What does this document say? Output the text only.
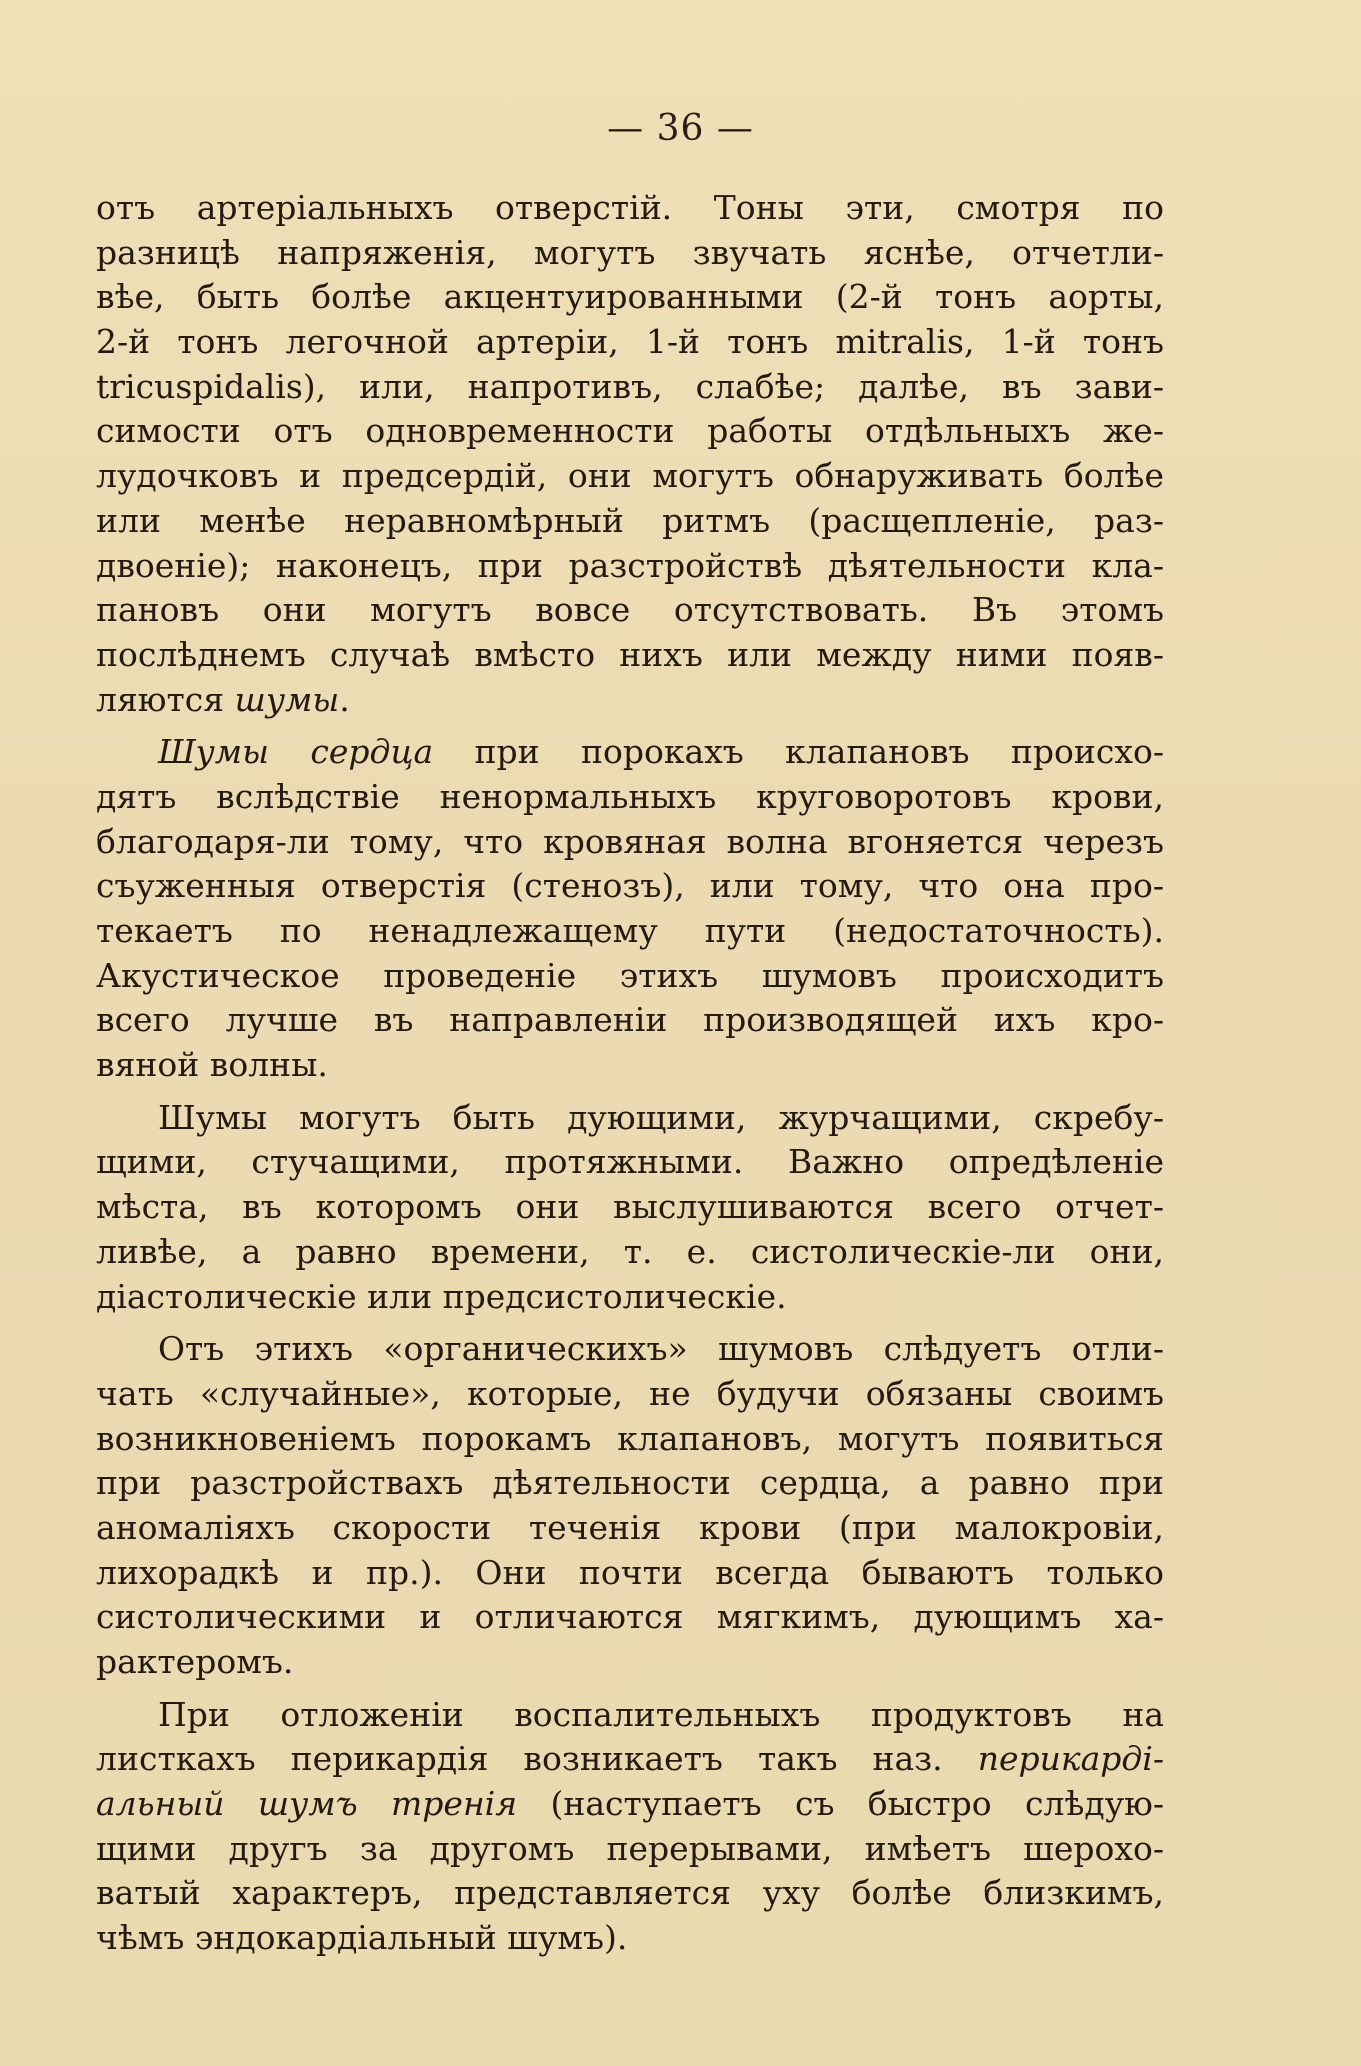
— 36 —
отъ артеріальныхъ отверстій. Тоны эти, смотря по
разницѣ напряженія, могутъ звучать яснѣе, отчетли-
вѣе, быть болѣе акцентуированными (2-й тонъ аорты,
2-й тонъ легочной артеріи, 1-й тонъ mitralis, 1-й тонъ
tricuspidalis), или, напротивъ, слабѣе; далѣе, въ зави-
симости отъ одновременности работы отдѣльныхъ же-
лудочковъ и предсердій, они могутъ обнаруживать болѣе
или менѣе неравномѣрный ритмъ (расщепленіе, раз-
двоеніе); наконецъ, при разстройствѣ дѣятельности кла-
пановъ они могутъ вовсе отсутствовать. Въ этомъ
послѣднемъ случаѣ вмѣсто нихъ или между ними появ-
ляются шумы.
Шумы сердца при порокахъ клапановъ происхо-
дятъ вслѣдствіе ненормальныхъ круговоротовъ крови,
благодаря-ли тому, что кровяная волна вгоняется черезъ
съуженныя отверстія (стенозъ), или тому, что она про-
текаетъ по ненадлежащему пути (недостаточность).
Акустическое проведеніе этихъ шумовъ происходитъ
всего лучше въ направленіи производящей ихъ кро-
вяной волны.
Шумы могутъ быть дующими, журчащими, скребу-
щими, стучащими, протяжными. Важно опредѣленіе
мѣста, въ которомъ они выслушиваются всего отчет-
ливѣе, а равно времени, т. е. систолическіе-ли они,
діастолическіе или предсистолическіе.
Отъ этихъ «органическихъ» шумовъ слѣдуетъ отли-
чать «случайные», которые, не будучи обязаны своимъ
возникновеніемъ порокамъ клапановъ, могутъ появиться
при разстройствахъ дѣятельности сердца, а равно при
аномаліяхъ скорости теченія крови (при малокровіи,
лихорадкѣ и пр.). Они почти всегда бываютъ только
систолическими и отличаются мягкимъ, дующимъ ха-
рактеромъ.
При отложеніи воспалительныхъ продуктовъ на
листкахъ перикардія возникаетъ такъ наз. перикарді-
альный шумъ тренія (наступаетъ съ быстро слѣдую-
щими другъ за другомъ перерывами, имѣетъ шерохо-
ватый характеръ, представляется уху болѣе близкимъ,
чѣмъ эндокардіальный шумъ).
